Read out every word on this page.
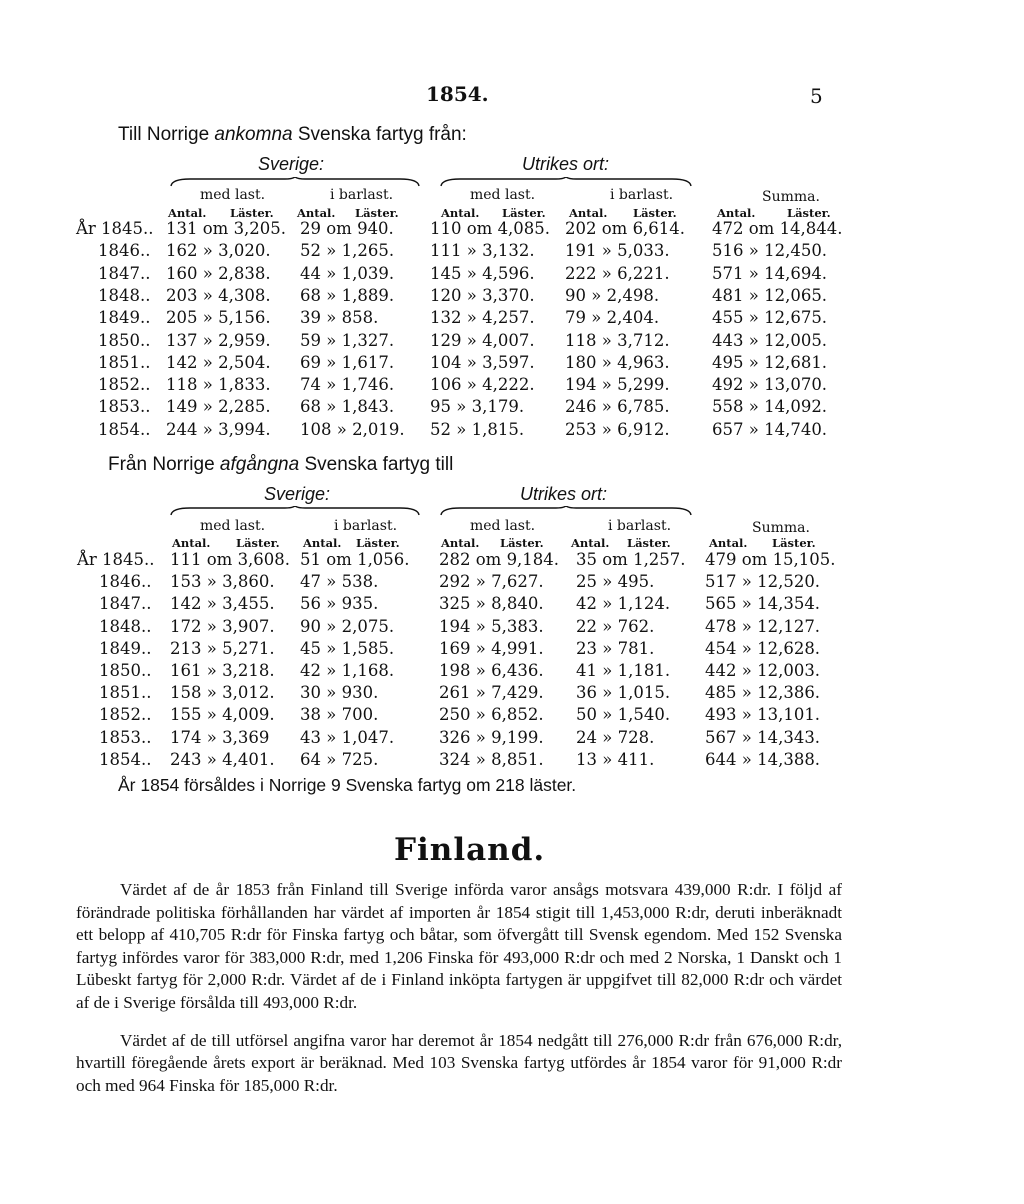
1854.	5
Till Norrige ankomna Svenska fartyg från:
Sverige:	Utrikes ort:
med last.	i barlast.	med last.	i barlast.	Summa.
Antal. Läster. Antal. Läster.	Antal. Läster. Antal. Läster.	Antal.	Läster.
År 1845.. 131 om 3,205. 29 om 940. 110 om 4,085. 202 om 6,614. 472 om 14,844.
1846.. 162 » 3,020. 52 » 1,265. 111 » 3,132. 191 » 5,033.	516 » 12,450.
1847.. 160 » 2,838. 44 » 1,039. 145 » 4,596. 222 » 6,221.	571 » 14,694.
1848.. 203 » 4,308. 68 » 1,889. 120 » 3,370. 90 » 2,498.	481 » 12,065.
1849.. 205 » 5,156. 39 » 858.	132 » 4,257. 79 » 2,404.	455 » 12,675.
1850.. 137 » 2,959. 59 » 1,327. 129 » 4,007. 118 » 3,712.	443 » 12,005.
1851.. 142 » 2,504. 69 » 1,617. 104 » 3,597. 180 » 4,963.	495 » 12,681.
1852.. 118 » 1,833. 74 » 1,746. 106 » 4,222. 194 » 5,299.	492 » 13,070.
1853.. 149 » 2,285. 68 » 1,843. 95 » 3,179. 246 » 6,785.	558 » 14,092.
1854.. 244 » 3,994. 108 » 2,019. 52 » 1,815. 253 » 6,912.	657 » 14,740.
Från Norrige afgångna Svenska fartyg till
Sverige:	Utrikes ort:
med last.	i barlast.	med last.	i barlast.	Summa.
Antal. Läster. Antal. Läster.	Antal. Läster. Antal. Läster.	Antal. Läster.
År 1845.. 111 om 3,608. 51 om 1,056. 282 om 9,184. 35 om 1,257. 479 om 15,105.
1846.. 153 » 3,860. 47 » 538.	292 » 7,627. 25 » 495.	517 » 12,520.
1847.. 142 » 3,455. 56 » 935.	325 » 8,840. 42 » 1,124. 565 » 14,354.
1848.. 172 » 3,907. 90 » 2,075.	194 » 5,383. 22 » 762.	478 » 12,127.
1849.. 213 » 5,271. 45 » 1,585.	169 » 4,991. 23 » 781.	454 » 12,628.
1850.. 161 » 3,218. 42 » 1,168.	198 » 6,436. 41 » 1,181. 442 » 12,003.
1851.. 158 » 3,012. 30 » 930.	261 » 7,429. 36 » 1,015. 485 » 12,386.
1852.. 155 » 4,009. 38 » 700.	250 » 6,852. 50 » 1,540. 493 » 13,101.
1853.. 174 » 3,369 43 » 1,047.	326 » 9,199. 24 » 728.	567 » 14,343.
1854.. 243 » 4,401. 64 » 725.	324 » 8,851. 13 » 411.	644 » 14,388.
År 1854 försåldes i Norrige 9 Svenska fartyg om 218 läster.
Finland.

Värdet af de år 1853 från Finland till Sverige införda varor ansågs motsvara 439,000 R:dr. I följd af förändrade politiska förhållanden har värdet af importen år 1854 stigit till 1,453,000 R:dr, deruti inberäknadt ett belopp af 410,705 R:dr för Finska fartyg och båtar, som öfvergått till Svensk egendom. Med 152 Svenska fartyg infördes varor för 383,000 R:dr, med 1,206 Finska för 493,000 R:dr och med 2 Norska, 1 Danskt och 1 Lübeskt fartyg för 2,000 R:dr. Värdet af de i Finland inköpta fartygen är uppgifvet till 82,000 R:dr och värdet af de i Sverige försålda till 493,000 R:dr.

Värdet af de till utförsel angifna varor har deremot år 1854 nedgått till 276,000 R:dr från 676,000 R:dr, hvartill föregående årets export är beräknad. Med 103 Svenska fartyg utfördes år 1854 varor för 91,000 R:dr och med 964 Finska för 185,000 R:dr.
